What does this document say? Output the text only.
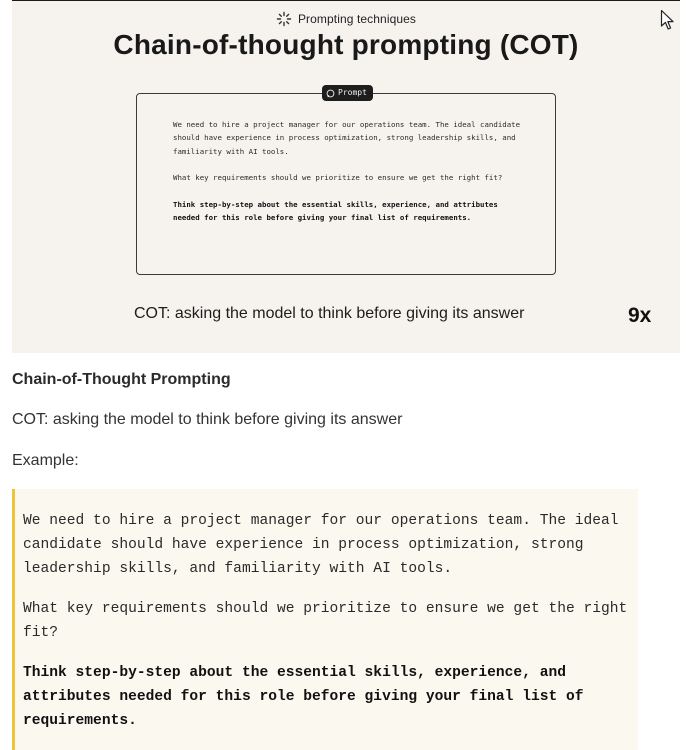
Prompting techniques
Chain-of-thought prompting (COT)

We need to hire a project manager for our operations team. The ideal candidate should have experience in process optimization, strong leadership skills, and familiarity with AI tools.

What key requirements should we prioritize to ensure we get the right fit?

Think step-by-step about the essential skills, experience, and attributes needed for this role before giving your final list of requirements.

Prompt
COT: asking the model to think before giving its answer	9x
Chain-of-Thought Prompting
COT: asking the model to think before giving its answer
Example:

We need to hire a project manager for our operations team. The ideal candidate should have experience in process optimization, strong leadership skills, and familiarity with AI tools.

What key requirements should we prioritize to ensure we get the right fit?

Think step-by-step about the essential skills, experience, and attributes needed for this role before giving your final list of requirements.
